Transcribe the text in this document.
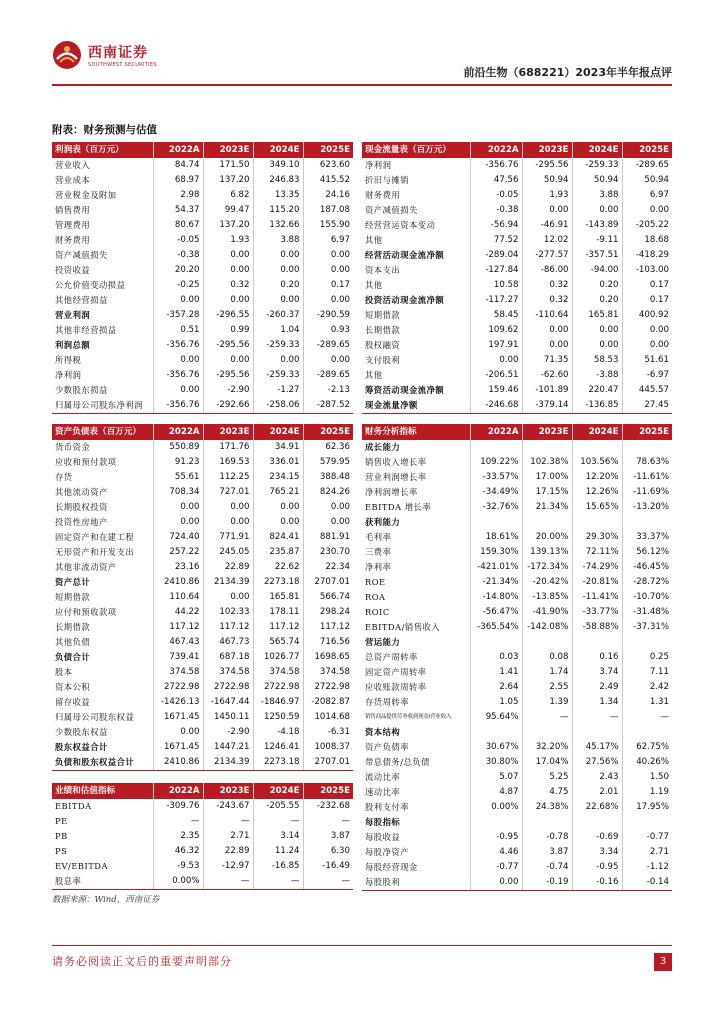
西南证券
SOUTHWEST SECURITIES
前沿生物（688221）2023年半年报点评
附表：财务预测与估值
利润表（百万元）	2022A	2023E	2024E	2025E
营业收入	84.74	171.50	349.10	623.60
营业成本	68.97	137.20	246.83	415.52
营业税金及附加	2.98	6.82	13.35	24.16
销售费用	54.37	99.47	115.20	187.08
管理费用	80.67	137.20	132.66	155.90
财务费用	-0.05	1.93	3.88	6.97
资产减值损失	-0.38	0.00	0.00	0.00
投资收益	20.20	0.00	0.00	0.00
公允价值变动损益	-0.25	0.32	0.20	0.17
其他经营损益	0.00	0.00	0.00	0.00
营业利润	-357.28	-296.55	-260.37	-290.59
其他非经营损益	0.51	0.99	1.04	0.93
利润总额	-356.76	-295.56	-259.33	-289.65
所得税	0.00	0.00	0.00	0.00
净利润	-356.76	-295.56	-259.33	-289.65
少数股东损益	0.00	-2.90	-1.27	-2.13
归属母公司股东净利润	-356.76	-292.66	-258.06	-287.52
现金流量表（百万元）	2022A	2023E	2024E	2025E
净利润	-356.76	-295.56	-259.33	-289.65
折旧与摊销	47.56	50.94	50.94	50.94
财务费用	-0.05	1.93	3.88	6.97
资产减值损失	-0.38	0.00	0.00	0.00
经营营运资本变动	-56.94	-46.91	-143.89	-205.22
其他	77.52	12.02	-9.11	18.68
经营活动现金流净额	-289.04	-277.57	-357.51	-418.29
资本支出	-127.84	-86.00	-94.00	-103.00
其他	10.58	0.32	0.20	0.17
投资活动现金流净额	-117.27	0.32	0.20	0.17
短期借款	58.45	-110.64	165.81	400.92
长期借款	109.62	0.00	0.00	0.00
股权融资	197.91	0.00	0.00	0.00
支付股利	0.00	71.35	58.53	51.61
其他	-206.51	-62.60	-3.88	-6.97
筹资活动现金流净额	159.46	-101.89	220.47	445.57
现金流量净额	-246.68	-379.14	-136.85	27.45
资产负债表（百万元）	2022A	2023E	2024E	2025E
货币资金	550.89	171.76	34.91	62.36
应收和预付款项	91.23	169.53	336.01	579.95
存货	55.61	112.25	234.15	388.48
其他流动资产	708.34	727.01	765.21	824.26
长期股权投资	0.00	0.00	0.00	0.00
投资性房地产	0.00	0.00	0.00	0.00
固定资产和在建工程	724.40	771.91	824.41	881.91
无形资产和开发支出	257.22	245.05	235.87	230.70
其他非流动资产	23.16	22.89	22.62	22.34
资产总计	2410.86	2134.39	2273.18	2707.01
短期借款	110.64	0.00	165.81	566.74
应付和预收款项	44.22	102.33	178.11	298.24
长期借款	117.12	117.12	117.12	117.12
其他负债	467.43	467.73	565.74	716.56
负债合计	739.41	687.18	1026.77	1698.65
股本	374.58	374.58	374.58	374.58
资本公积	2722.98	2722.98	2722.98	2722.98
留存收益	-1426.13	-1647.44	-1846.97	-2082.87
归属母公司股东权益	1671.45	1450.11	1250.59	1014.68
少数股东权益	0.00	-2.90	-4.18	-6.31
股东权益合计	1671.45	1447.21	1246.41	1008.37
负债和股东权益合计	2410.86	2134.39	2273.18	2707.01
财务分析指标	2022A	2023E	2024E	2025E
成长能力				
销售收入增长率	109.22%	102.38%	103.56%	78.63%
营业利润增长率	-33.57%	17.00%	12.20%	-11.61%
净利润增长率	-34.49%	17.15%	12.26%	-11.69%
EBITDA 增长率	-32.76%	21.34%	15.65%	-13.20%
获利能力				
毛利率	18.61%	20.00%	29.30%	33.37%
三费率	159.30%	139.13%	72.11%	56.12%
净利率	-421.01%	-172.34%	-74.29%	-46.45%
ROE	-21.34%	-20.42%	-20.81%	-28.72%
ROA	-14.80%	-13.85%	-11.41%	-10.70%
ROIC	-56.47%	-41.90%	-33.77%	-31.48%
EBITDA/销售收入	-365.54%	-142.08%	-58.88%	-37.31%
营运能力				
总资产周转率	0.03	0.08	0.16	0.25
固定资产周转率	1.41	1.74	3.74	7.11
应收账款周转率	2.64	2.55	2.49	2.42
存货周转率	1.05	1.39	1.34	1.31
销售商品提供劳务收到现金/营业收入	95.64%	—	—	—
资本结构				
资产负债率	30.67%	32.20%	45.17%	62.75%
带息债务/总负债	30.80%	17.04%	27.56%	40.26%
流动比率	5.07	5.25	2.43	1.50
速动比率	4.87	4.75	2.01	1.19
股利支付率	0.00%	24.38%	22.68%	17.95%
每股指标				
每股收益	-0.95	-0.78	-0.69	-0.77
每股净资产	4.46	3.87	3.34	2.71
每股经营现金	-0.77	-0.74	-0.95	-1.12
每股股利	0.00	-0.19	-0.16	-0.14
业绩和估值指标	2022A	2023E	2024E	2025E
EBITDA	-309.76	-243.67	-205.55	-232.68
PE	—	—	—	—
PB	2.35	2.71	3.14	3.87
PS	46.32	22.89	11.24	6.30
EV/EBITDA	-9.53	-12.97	-16.85	-16.49
股息率	0.00%	—	—	—
数据来源：Wind，西南证券
请务必阅读正文后的重要声明部分	3
